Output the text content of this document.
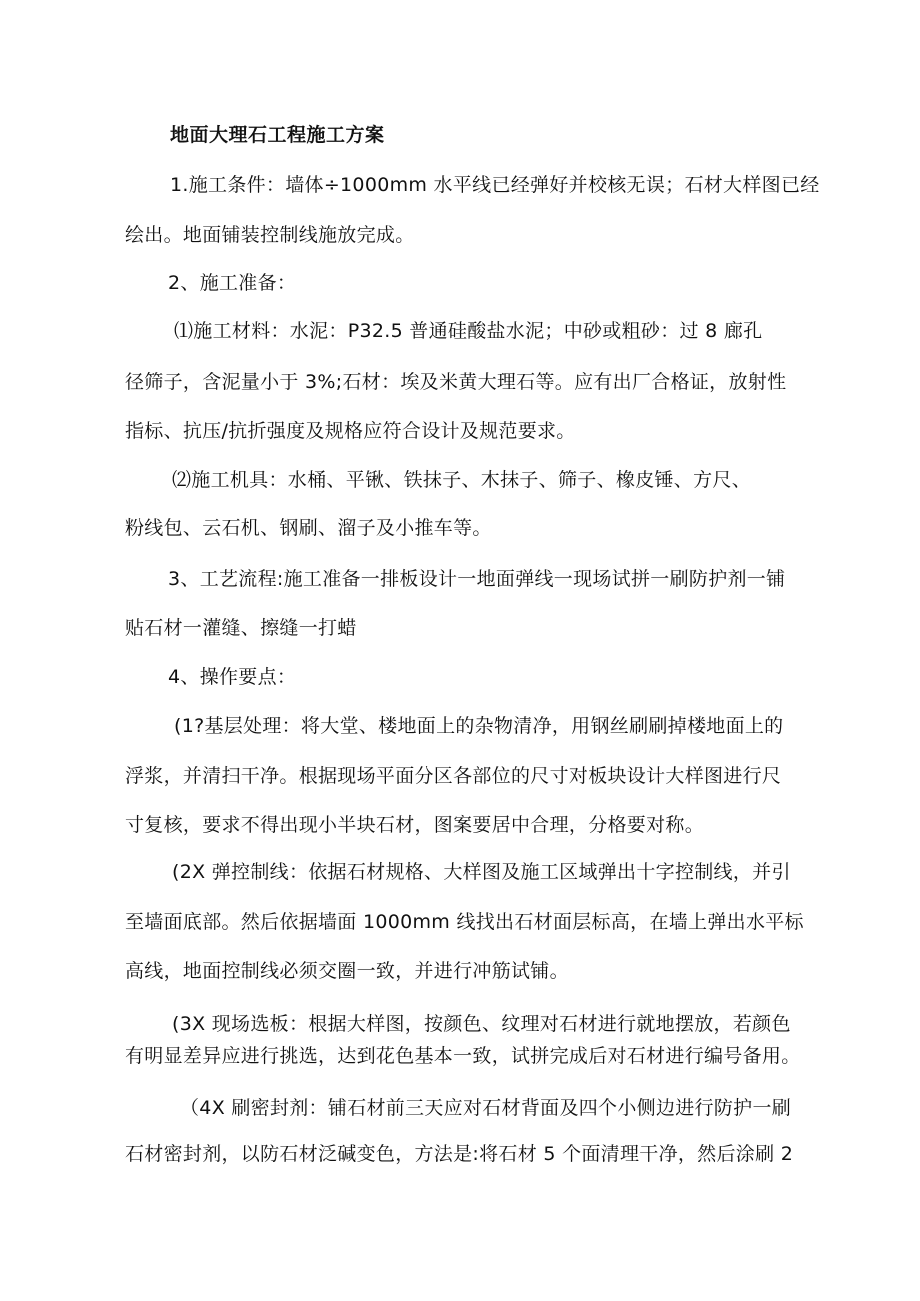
地面大理石工程施工方案
1.施工条件：墙体÷1000mm 水平线已经弹好并校核无误；石材大样图已经
绘出。地面铺装控制线施放完成。
2、施工准备：
⑴施工材料：水泥：P32.5 普通硅酸盐水泥；中砂或粗砂：过 8 廊孔
径筛子，含泥量小于 3%;石材：埃及米黄大理石等。应有出厂合格证，放射性
指标、抗压/抗折强度及规格应符合设计及规范要求。
⑵施工机具：水桶、平锹、铁抹子、木抹子、筛子、橡皮锤、方尺、
粉线包、云石机、钢刷、溜子及小推车等。
3、工艺流程:施工准备一排板设计一地面弹线一现场试拼一刷防护剂一铺
贴石材一灌缝、擦缝一打蜡
4、操作要点：
(1?基层处理：将大堂、楼地面上的杂物清净，用钢丝刷刷掉楼地面上的
浮浆，并清扫干净。根据现场平面分区各部位的尺寸对板块设计大样图进行尺
寸复核，要求不得出现小半块石材，图案要居中合理，分格要对称。
(2X 弹控制线：依据石材规格、大样图及施工区域弹出十字控制线，并引
至墙面底部。然后依据墙面 1000mm 线找出石材面层标高，在墙上弹出水平标
高线，地面控制线必须交圈一致，并进行冲筋试铺。
(3X 现场选板：根据大样图，按颜色、纹理对石材进行就地摆放，若颜色
有明显差异应进行挑选，达到花色基本一致，试拼完成后对石材进行编号备用。
（4X 刷密封剂：铺石材前三天应对石材背面及四个小侧边进行防护一刷
石材密封剂，以防石材泛碱变色，方法是:将石材 5 个面清理干净，然后涂刷 2
